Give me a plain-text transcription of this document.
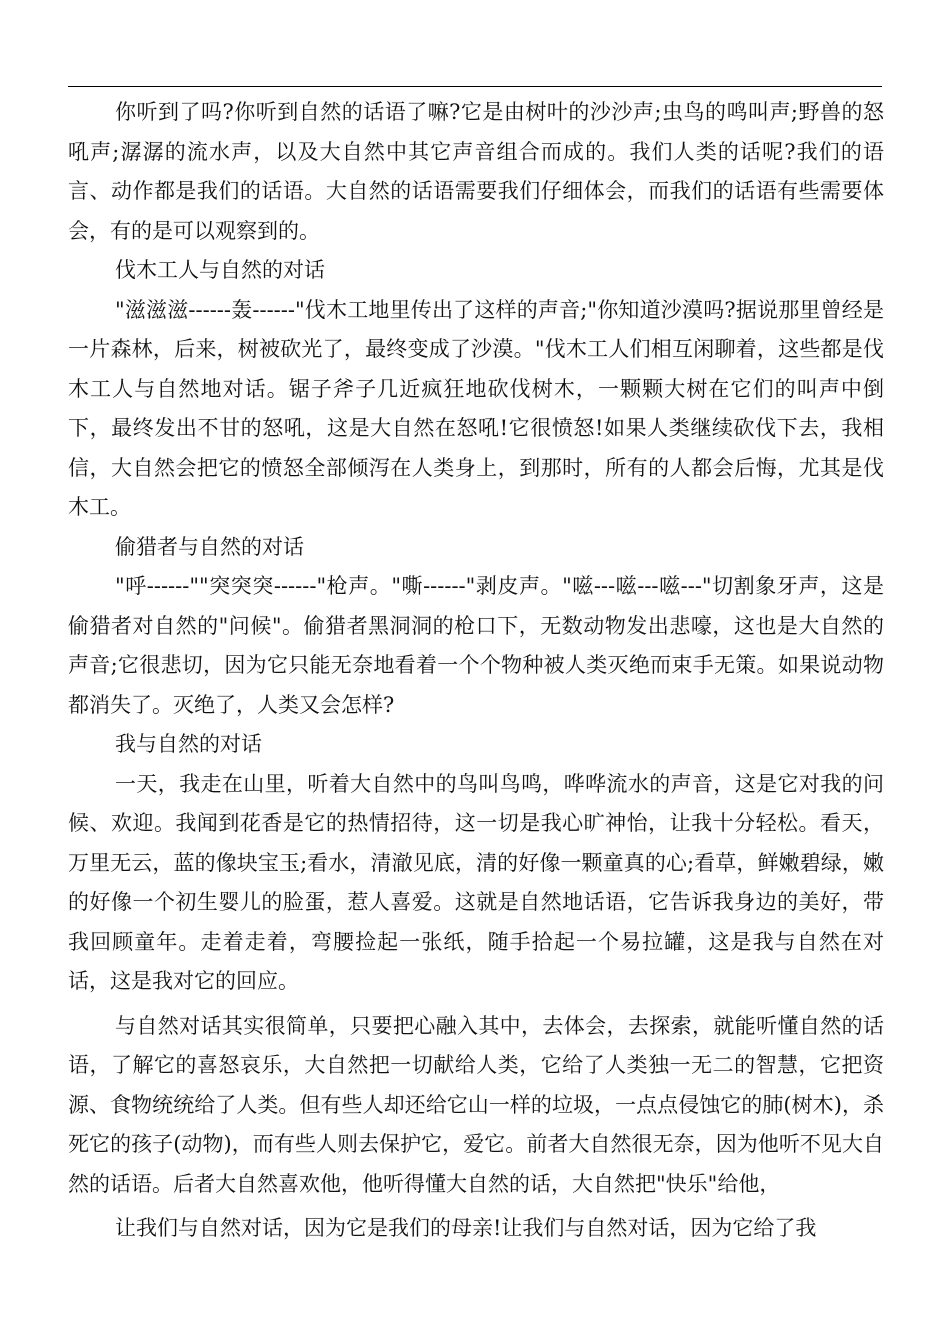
你听到了吗?你听到自然的话语了嘛?它是由树叶的沙沙声;虫鸟的鸣叫声;野兽的怒吼声;潺潺的流水声，以及大自然中其它声音组合而成的。我们人类的话呢?我们的语言、动作都是我们的话语。大自然的话语需要我们仔细体会，而我们的话语有些需要体会，有的是可以观察到的。

伐木工人与自然的对话

"滋滋滋------轰------"伐木工地里传出了这样的声音;"你知道沙漠吗?据说那里曾经是一片森林，后来，树被砍光了，最终变成了沙漠。"伐木工人们相互闲聊着，这些都是伐木工人与自然地对话。锯子斧子几近疯狂地砍伐树木，一颗颗大树在它们的叫声中倒下，最终发出不甘的怒吼，这是大自然在怒吼!它很愤怒!如果人类继续砍伐下去，我相信，大自然会把它的愤怒全部倾泻在人类身上，到那时，所有的人都会后悔，尤其是伐木工。

偷猎者与自然的对话

"呼------""突突突------"枪声。"嘶------"剥皮声。"嗞---嗞---嗞---"切割象牙声，这是偷猎者对自然的"问候"。偷猎者黑洞洞的枪口下，无数动物发出悲嚎，这也是大自然的声音;它很悲切，因为它只能无奈地看着一个个物种被人类灭绝而束手无策。如果说动物都消失了。灭绝了，人类又会怎样?

我与自然的对话

一天，我走在山里，听着大自然中的鸟叫鸟鸣，哗哗流水的声音，这是它对我的问候、欢迎。我闻到花香是它的热情招待，这一切是我心旷神怡，让我十分轻松。看天，万里无云，蓝的像块宝玉;看水，清澈见底，清的好像一颗童真的心;看草，鲜嫩碧绿，嫩的好像一个初生婴儿的脸蛋，惹人喜爱。这就是自然地话语，它告诉我身边的美好，带我回顾童年。走着走着，弯腰捡起一张纸，随手拾起一个易拉罐，这是我与自然在对话，这是我对它的回应。

与自然对话其实很简单，只要把心融入其中，去体会，去探索，就能听懂自然的话语，了解它的喜怒哀乐，大自然把一切献给人类，它给了人类独一无二的智慧，它把资源、食物统统给了人类。但有些人却还给它山一样的垃圾，一点点侵蚀它的肺(树木)，杀死它的孩子(动物)，而有些人则去保护它，爱它。前者大自然很无奈，因为他听不见大自然的话语。后者大自然喜欢他，他听得懂大自然的话，大自然把"快乐"给他，

让我们与自然对话，因为它是我们的母亲!让我们与自然对话，因为它给了我
